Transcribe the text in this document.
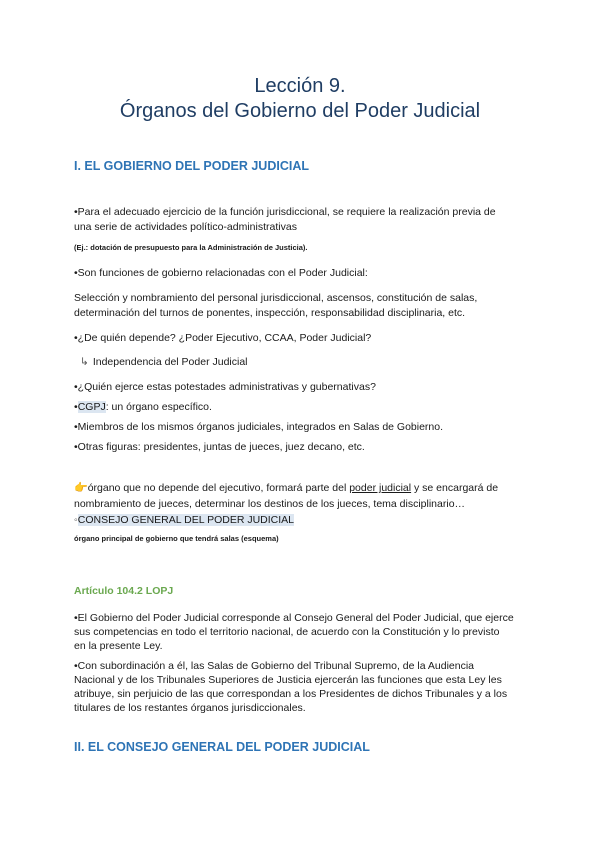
Lección 9.
Órganos del Gobierno del Poder Judicial
I. EL GOBIERNO DEL PODER JUDICIAL
•Para el adecuado ejercicio de la función jurisdiccional, se requiere la realización previa de
una serie de actividades político-administrativas
(Ej.: dotación de presupuesto para la Administración de Justicia).
•Son funciones de gobierno relacionadas con el Poder Judicial:
Selección y nombramiento del personal jurisdiccional, ascensos, constitución de salas,
determinación del turnos de ponentes, inspección, responsabilidad disciplinaria, etc.
•¿De quién depende? ¿Poder Ejecutivo, CCAA, Poder Judicial?
↳ Independencia del Poder Judicial
•¿Quién ejerce estas potestades administrativas y gubernativas?
•CGPJ: un órgano específico.
•Miembros de los mismos órganos judiciales, integrados en Salas de Gobierno.
•Otras figuras: presidentes, juntas de jueces, juez decano, etc.
👉órgano que no depende del ejecutivo, formará parte del poder judicial y se encargará de
nombramiento de jueces, determinar los destinos de los jueces, tema disciplinario…
◦CONSEJO GENERAL DEL PODER JUDICIAL
órgano principal de gobierno que tendrá salas (esquema)
Artículo 104.2 LOPJ
•El Gobierno del Poder Judicial corresponde al Consejo General del Poder Judicial, que ejerce
sus competencias en todo el territorio nacional, de acuerdo con la Constitución y lo previsto
en la presente Ley.
•Con subordinación a él, las Salas de Gobierno del Tribunal Supremo, de la Audiencia
Nacional y de los Tribunales Superiores de Justicia ejercerán las funciones que esta Ley les
atribuye, sin perjuicio de las que correspondan a los Presidentes de dichos Tribunales y a los
titulares de los restantes órganos jurisdiccionales.
II. EL CONSEJO GENERAL DEL PODER JUDICIAL
